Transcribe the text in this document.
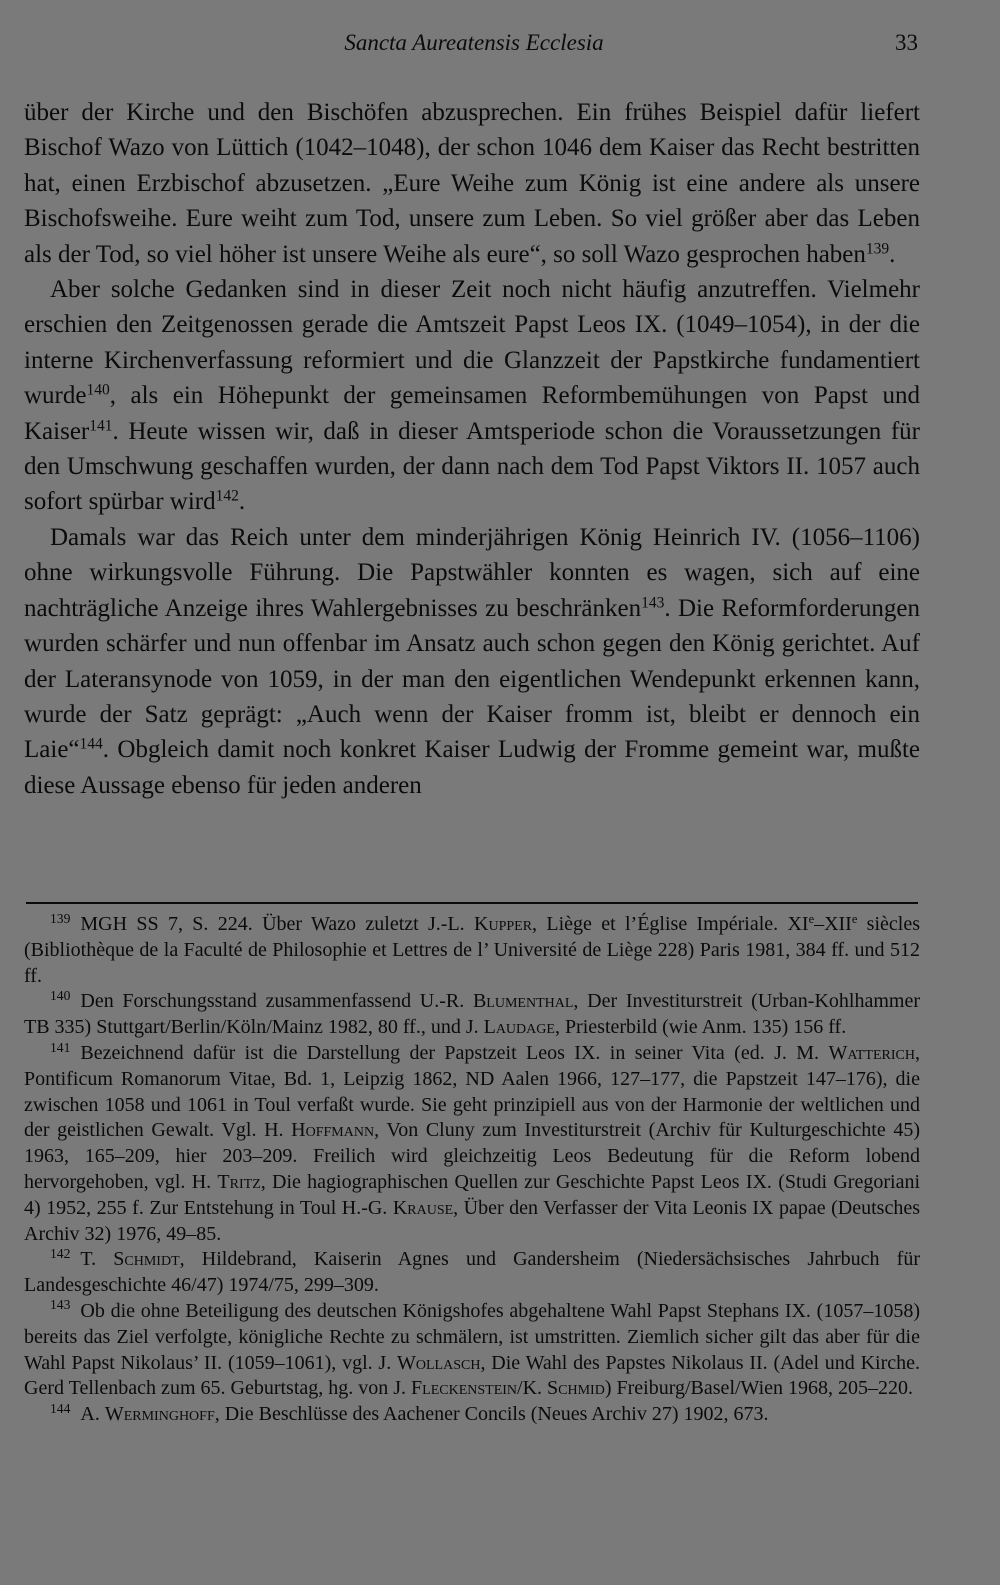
Sancta Aureatensis Ecclesia	33

über der Kirche und den Bischöfen abzusprechen. Ein frühes Beispiel dafür liefert Bischof Wazo von Lüttich (1042–1048), der schon 1046 dem Kaiser das Recht bestritten hat, einen Erzbischof abzusetzen. „Eure Weihe zum König ist eine andere als unsere Bischofsweihe. Eure weiht zum Tod, unsere zum Leben. So viel größer aber das Leben als der Tod, so viel höher ist unsere Weihe als eure“, so soll Wazo gesprochen haben$^{139}$.

Aber solche Gedanken sind in dieser Zeit noch nicht häufig anzutreffen. Vielmehr erschien den Zeitgenossen gerade die Amtszeit Papst Leos IX. (1049–1054), in der die interne Kirchenverfassung reformiert und die Glanzzeit der Papstkirche fundamentiert wurde$^{140}$, als ein Höhepunkt der gemeinsamen Reformbemühungen von Papst und Kaiser$^{141}$. Heute wissen wir, daß in dieser Amtsperiode schon die Voraussetzungen für den Umschwung geschaffen wurden, der dann nach dem Tod Papst Viktors II. 1057 auch sofort spürbar wird$^{142}$.

Damals war das Reich unter dem minderjährigen König Heinrich IV. (1056–1106) ohne wirkungsvolle Führung. Die Papstwähler konnten es wagen, sich auf eine nachträgliche Anzeige ihres Wahlergebnisses zu beschränken$^{143}$. Die Reformforderungen wurden schärfer und nun offenbar im Ansatz auch schon gegen den König gerichtet. Auf der Lateransynode von 1059, in der man den eigentlichen Wendepunkt erkennen kann, wurde der Satz geprägt: „Auch wenn der Kaiser fromm ist, bleibt er dennoch ein Laie“$^{144}$. Obgleich damit noch konkret Kaiser Ludwig der Fromme gemeint war, mußte diese Aussage ebenso für jeden anderen

$^{139}$ MGH SS 7, S. 224. Über Wazo zuletzt J.-L. Kupper, Liège et l’Église Impériale. XIe–XIIe siècles (Bibliothèque de la Faculté de Philosophie et Lettres de l’ Université de Liège 228) Paris 1981, 384 ff. und 512 ff.

$^{140}$ Den Forschungsstand zusammenfassend U.-R. Blumenthal, Der Investiturstreit (Urban-Kohlhammer TB 335) Stuttgart/Berlin/Köln/Mainz 1982, 80 ff., und J. Laudage, Priesterbild (wie Anm. 135) 156 ff.

$^{141}$ Bezeichnend dafür ist die Darstellung der Papstzeit Leos IX. in seiner Vita (ed. J. M. Watterich, Pontificum Romanorum Vitae, Bd. 1, Leipzig 1862, ND Aalen 1966, 127–177, die Papstzeit 147–176), die zwischen 1058 und 1061 in Toul verfaßt wurde. Sie geht prinzipiell aus von der Harmonie der weltlichen und der geistlichen Gewalt. Vgl. H. Hoffmann, Von Cluny zum Investiturstreit (Archiv für Kulturgeschichte 45) 1963, 165–209, hier 203–209. Freilich wird gleichzeitig Leos Bedeutung für die Reform lobend hervorgehoben, vgl. H. Tritz, Die hagiographischen Quellen zur Geschichte Papst Leos IX. (Studi Gregoriani 4) 1952, 255 f. Zur Entstehung in Toul H.-G. Krause, Über den Verfasser der Vita Leonis IX papae (Deutsches Archiv 32) 1976, 49–85.

$^{142}$ T. Schmidt, Hildebrand, Kaiserin Agnes und Gandersheim (Niedersächsisches Jahrbuch für Landesgeschichte 46/47) 1974/75, 299–309.

$^{143}$ Ob die ohne Beteiligung des deutschen Königshofes abgehaltene Wahl Papst Stephans IX. (1057–1058) bereits das Ziel verfolgte, königliche Rechte zu schmälern, ist umstritten. Ziemlich sicher gilt das aber für die Wahl Papst Nikolaus’ II. (1059–1061), vgl. J. Wollasch, Die Wahl des Papstes Nikolaus II. (Adel und Kirche. Gerd Tellenbach zum 65. Geburtstag, hg. von J. Fleckenstein/K. Schmid) Freiburg/Basel/Wien 1968, 205–220.

$^{144}$ A. Werminghoff, Die Beschlüsse des Aachener Concils (Neues Archiv 27) 1902, 673.
